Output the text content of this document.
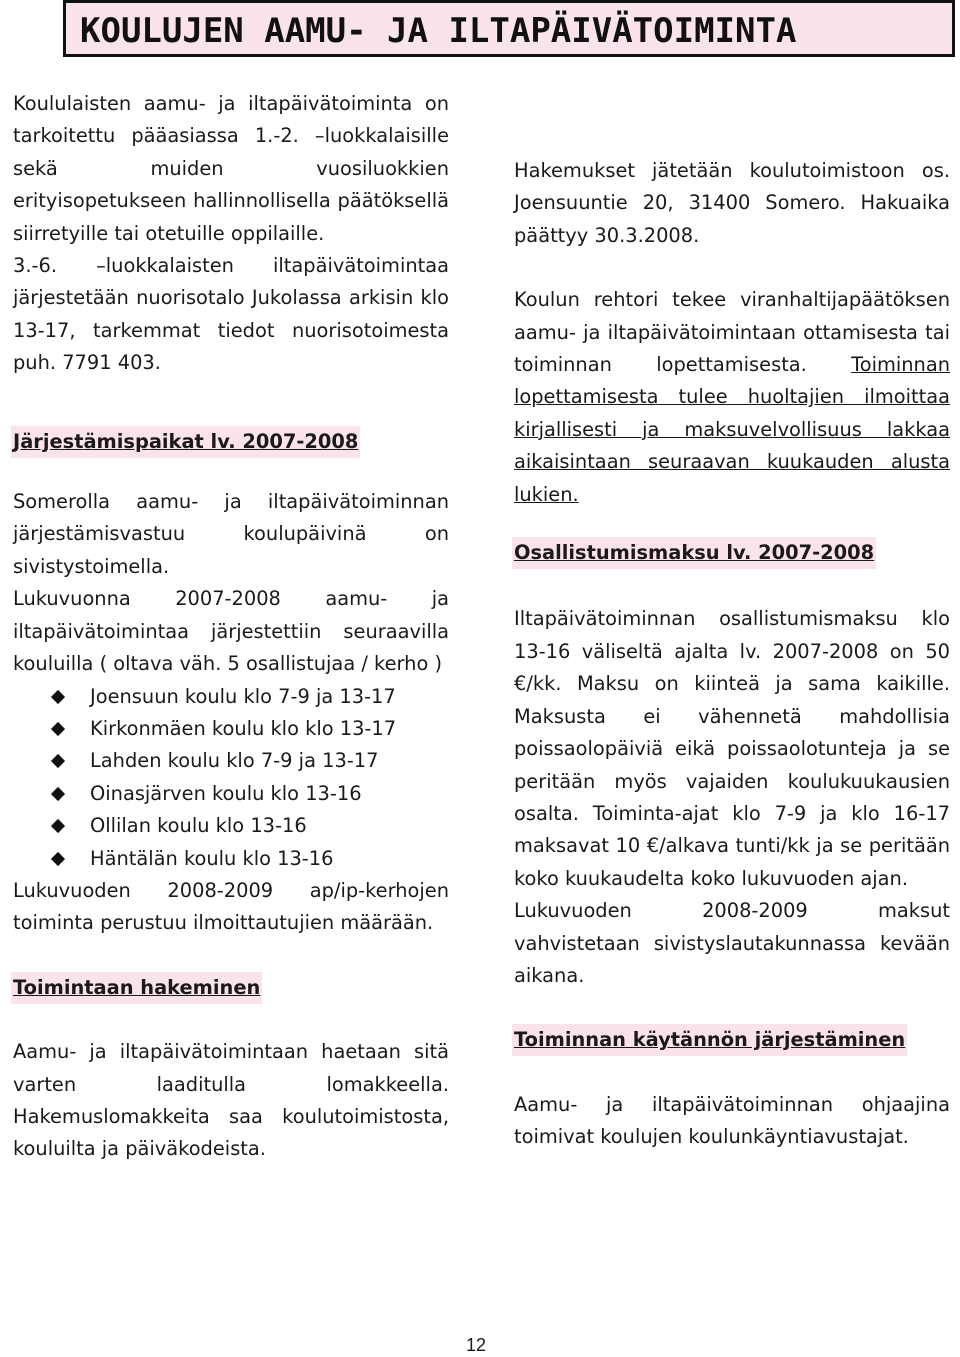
KOULUJEN AAMU- JA ILTAPÄIVÄTOIMINTA

Koululaisten aamu- ja iltapäivätoiminta on tarkoitettu pääasiassa 1.-2. –luokkalaisille sekä muiden vuosiluokkien erityisopetukseen hallinnollisella päätöksellä siirretyille tai otetuille oppilaille.

3.-6. –luokkalaisten iltapäivätoimintaa järjestetään nuorisotalo Jukolassa arkisin klo 13-17, tarkemmat tiedot nuorisotoimesta puh. 7791 403.

Järjestämispaikat lv. 2007-2008

Somerolla aamu- ja iltapäivätoiminnan järjestämisvastuu koulupäivinä on sivistystoimella.

Lukuvuonna 2007-2008 aamu- ja iltapäivätoimintaa järjestettiin seuraavilla kouluilla ( oltava väh. 5 osallistujaa / kerho )

Joensuun koulu klo 7-9 ja 13-17
Kirkonmäen koulu klo klo 13-17
Lahden koulu klo 7-9 ja 13-17
Oinasjärven koulu klo 13-16
Ollilan koulu klo 13-16
Häntälän koulu klo 13-16

Lukuvuoden 2008-2009 ap/ip-kerhojen toiminta perustuu ilmoittautujien määrään.

Toimintaan hakeminen

Aamu- ja iltapäivätoimintaan haetaan sitä varten laaditulla lomakkeella. Hakemuslomakkeita saa koulutoimistosta, kouluilta ja päiväkodeista.

Hakemukset jätetään koulutoimistoon os. Joensuuntie 20, 31400 Somero. Hakuaika päättyy 30.3.2008.

Koulun rehtori tekee viranhaltijapäätöksen aamu- ja iltapäivätoimintaan ottamisesta tai toiminnan lopettamisesta. Toiminnan lopettamisesta tulee huoltajien ilmoittaa kirjallisesti ja maksuvelvollisuus lakkaa aikaisintaan seuraavan kuukauden alusta lukien.

Osallistumismaksu lv. 2007-2008

Iltapäivätoiminnan osallistumismaksu klo 13-16 väliseltä ajalta lv. 2007-2008 on 50 €/kk. Maksu on kiinteä ja sama kaikille. Maksusta ei vähennetä mahdollisia poissaolopäiviä eikä poissaolotunteja ja se peritään myös vajaiden koulukuukausien osalta. Toiminta-ajat klo 7-9 ja klo 16-17 maksavat 10 €/alkava tunti/kk ja se peritään koko kuukaudelta koko lukuvuoden ajan.

Lukuvuoden 2008-2009 maksut vahvistetaan sivistyslautakunnassa kevään aikana.

Toiminnan käytännön järjestäminen

Aamu- ja iltapäivätoiminnan ohjaajina toimivat koulujen koulunkäyntiavustajat.

12
